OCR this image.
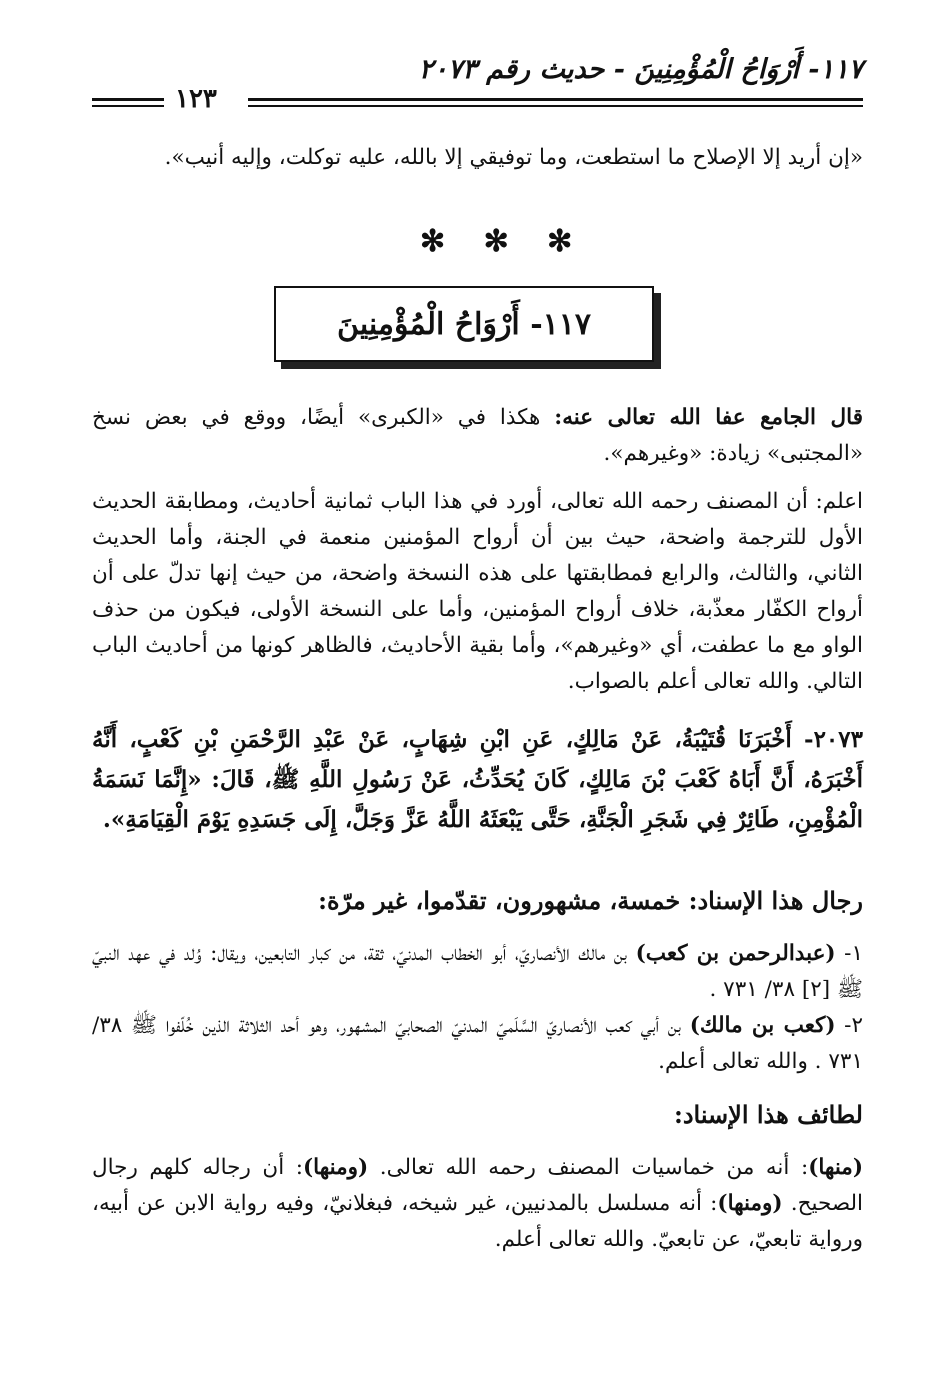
١١٧- أَرْوَاحُ الْمُؤْمِنِينَ - حديث رقم ٢٠٧٣
١٢٣

«إن أريد إلا الإصلاح ما استطعت، وما توفيقي إلا بالله، عليه توكلت، وإليه أنيب».

✻ ✻ ✻
١١٧- أَرْوَاحُ الْمُؤْمِنِينَ

قال الجامع عفا الله تعالى عنه: هكذا في «الكبرى» أيضًا، ووقع في بعض نسخ «المجتبى» زيادة: «وغيرهم».

اعلم: أن المصنف رحمه الله تعالى، أورد في هذا الباب ثمانية أحاديث، ومطابقة الحديث الأول للترجمة واضحة، حيث بين أن أرواح المؤمنين منعمة في الجنة، وأما الحديث الثاني، والثالث، والرابع فمطابقتها على هذه النسخة واضحة، من حيث إنها تدلّ على أن أرواح الكفّار معذّبة، خلاف أرواح المؤمنين، وأما على النسخة الأولى، فيكون من حذف الواو مع ما عطفت، أي «وغيرهم»، وأما بقية الأحاديث، فالظاهر كونها من أحاديث الباب التالي. والله تعالى أعلم بالصواب.

٢٠٧٣- أَخْبَرَنَا قُتَيْبَةُ، عَنْ مَالِكٍ، عَنِ ابْنِ شِهَابٍ، عَنْ عَبْدِ الرَّحْمَنِ بْنِ كَعْبٍ، أَنَّهُ أَخْبَرَهُ، أَنَّ أَبَاهُ كَعْبَ بْنَ مَالِكٍ، كَانَ يُحَدِّثُ، عَنْ رَسُولِ اللَّهِ ﷺ، قَالَ: «إِنَّمَا نَسَمَةُ الْمُؤْمِنِ، طَائِرٌ فِي شَجَرِ الْجَنَّةِ، حَتَّى يَبْعَثَهُ اللَّهُ عَزَّ وَجَلَّ، إِلَى جَسَدِهِ يَوْمَ الْقِيَامَةِ».

رجال هذا الإسناد: خمسة، مشهورون، تقدّموا، غير مرّة:

١- (عبدالرحمن بن كعب) بن مالك الأنصاريّ، أبو الخطاب المدنيّ، ثقة، من كبار التابعين، ويقال: وُلد في عهد النبيّ ﷺ [٢] ٣٨/ ٧٣١ .

٢- (كعب بن مالك) بن أبي كعب الأنصاريّ السَّلَميّ المدنيّ الصحابيّ المشهور، وهو أحد الثلاثة الذين خُلّفوا ﷺ ٣٨/ ٧٣١ . والله تعالى أعلم.

لطائف هذا الإسناد:

(منها): أنه من خماسيات المصنف رحمه الله تعالى. (ومنها): أن رجاله كلهم رجال الصحيح. (ومنها): أنه مسلسل بالمدنيين، غير شيخه، فبغلانيّ، وفيه رواية الابن عن أبيه، ورواية تابعيّ، عن تابعيّ. والله تعالى أعلم.
